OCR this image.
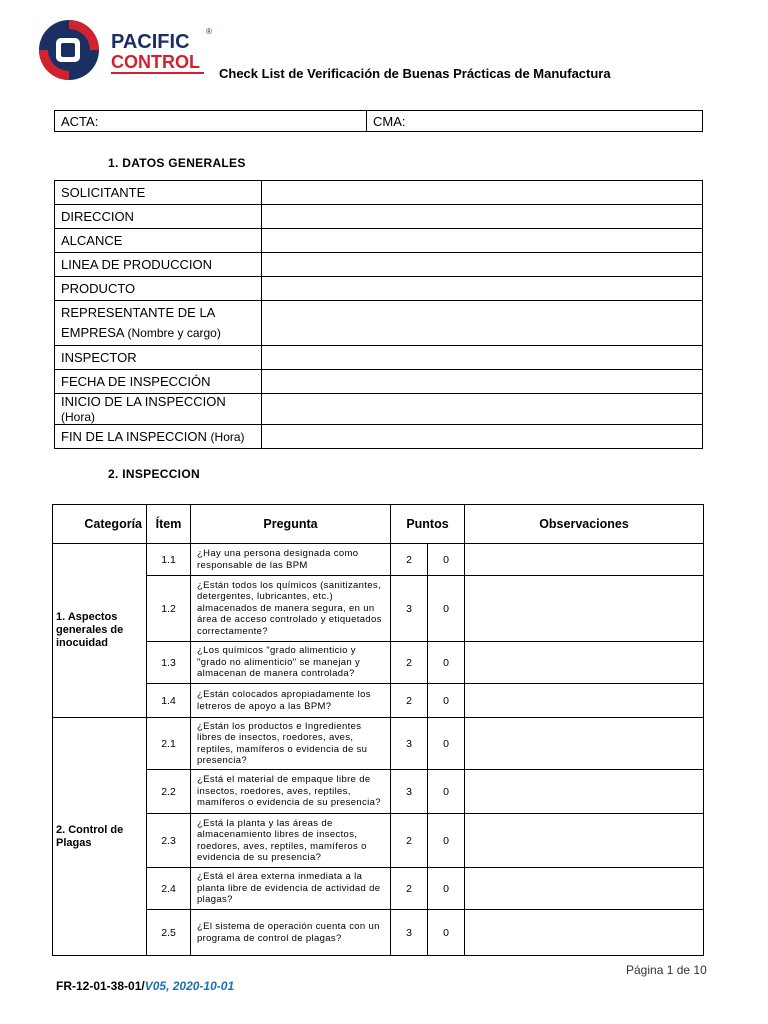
PACIFIC
CONTROL
®
Check List de Verificación de Buenas Prácticas de Manufactura
ACTA:	CMA:
1. DATOS GENERALES
SOLICITANTE	
DIRECCION	
ALCANCE	
LINEA DE PRODUCCION	
PRODUCTO	
REPRESENTANTE DE LA
EMPRESA (Nombre y cargo)	
INSPECTOR	
FECHA DE INSPECCIÓN	
INICIO DE LA INSPECCION (Hora)	
FIN DE LA INSPECCION (Hora)	
2. INSPECCION
Categoría	Ítem	Pregunta	Puntos		Observaciones
1. Aspectos generales de inocuidad	1.1	¿Hay una persona designada como responsable de las BPM	2	0	
	1.2	¿Están todos los químicos (sanitizantes, detergentes, lubricantes, etc.) almacenados de manera segura, en un área de acceso controlado y etiquetados correctamente?	3	0	
	1.3	¿Los químicos "grado alimenticio y "grado no alimenticio" se manejan y almacenan de manera controlada?	2	0	
	1.4	¿Están colocados apropiadamente los letreros de apoyo a las BPM?	2	0	
2. Control de Plagas	2.1	¿Están los productos e Ingredientes libres de insectos, roedores, aves, reptiles, mamíferos o evidencia de su presencia?	3	0	
	2.2	¿Está el material de empaque libre de insectos, roedores, aves, reptiles, mamíferos o evidencia de su presencia?	3	0	
	2.3	¿Está la planta y las áreas de almacenamiento libres de insectos, roedores, aves, reptiles, mamíferos o evidencia de su presencia?	2	0	
	2.4	¿Está el área externa inmediata a la planta libre de evidencia de actividad de plagas?	2	0	
	2.5	¿El sistema de operación cuenta con un programa de control de plagas?	3	0	
Página 1 de 10
FR-12-01-38-01/V05, 2020-10-01
